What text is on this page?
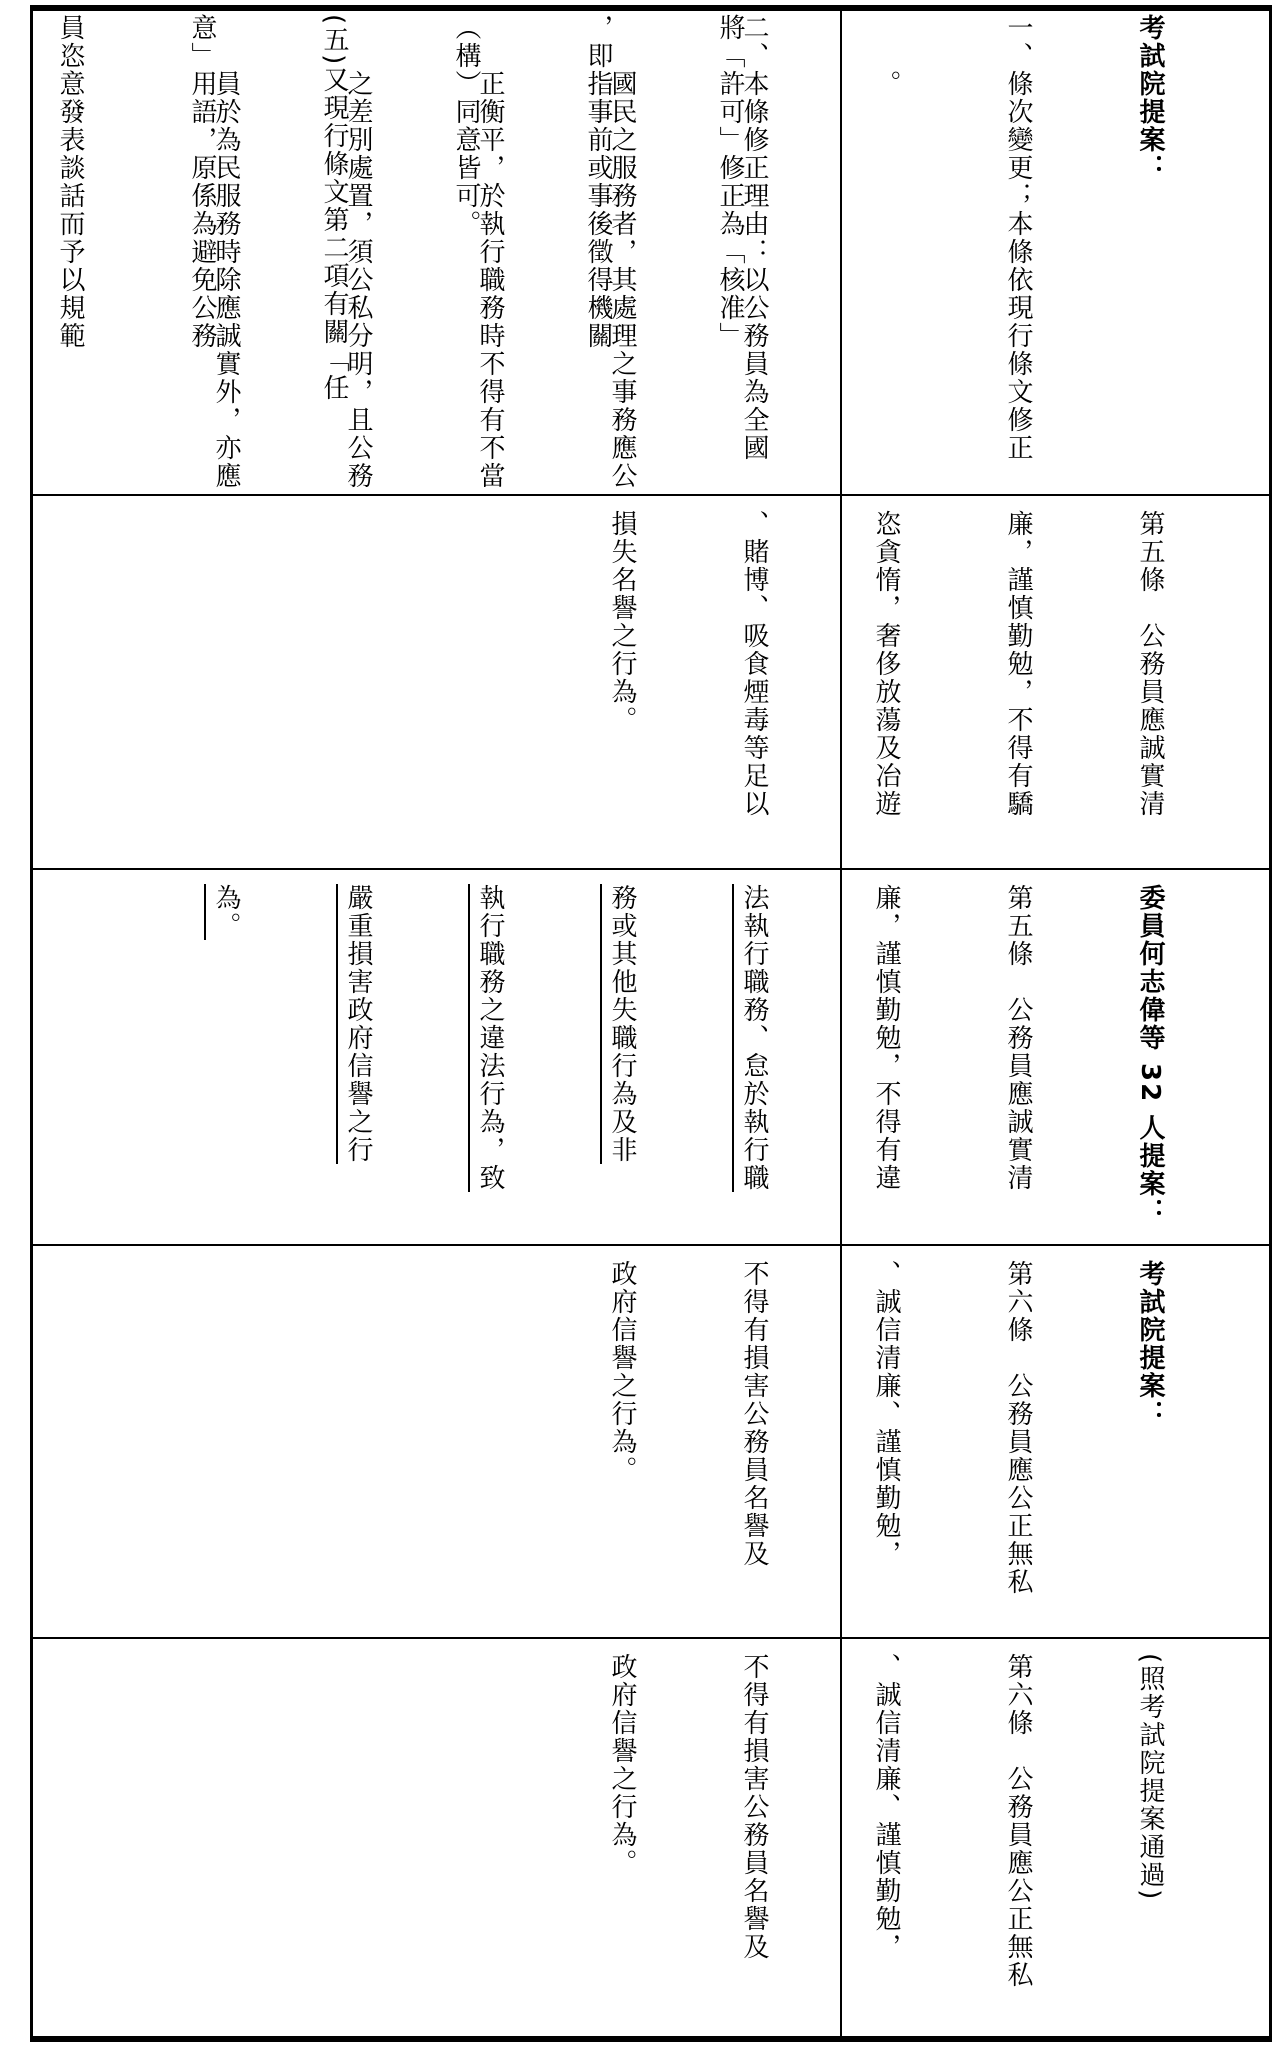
將「許可」修正為「核准」

，即指事前或事後徵得機關

（構）同意皆可。

(五)又現行條文第二項有關「任

意」用語，原係為避免公務

員恣意發表談話而予以規範

	考試院提案：

一、條次變更；本條依現行條文修正

　　。

二、本條修正理由：以公務員為全國

　　國民之服務者，其處理之事務應公

　　正衡平，於執行職務時不得有不當

　　之差別處置，須公私分明，且公務

　　員於為民服務時除應誠實外，亦應

第五條　公務員應誠實清

廉，謹慎勤勉，不得有驕

恣貪惰，奢侈放蕩及冶遊

、賭博、吸食煙毒等足以

損失名譽之行為。

委員何志偉等 32 人提案：

第五條　公務員應誠實清

廉，謹慎勤勉，不得有違

法執行職務、怠於執行職

務或其他失職行為及非

執行職務之違法行為，致

嚴重損害政府信譽之行

為。

考試院提案：

第六條　公務員應公正無私

、誠信清廉、謹慎勤勉，

不得有損害公務員名譽及

政府信譽之行為。

(照考試院提案通過)

第六條　公務員應公正無私

、誠信清廉、謹慎勤勉，

不得有損害公務員名譽及

政府信譽之行為。
